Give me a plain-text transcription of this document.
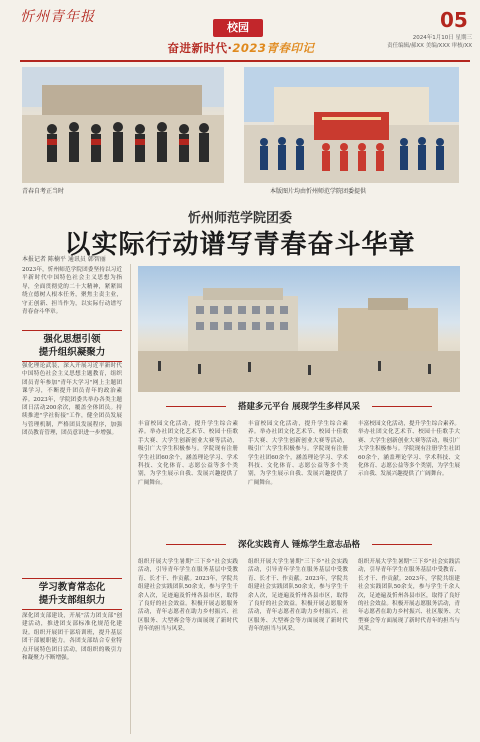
忻州青年报
校园
奋进新时代·2023青春印记
05
2024年1月10日 星期三
责任编辑/郝XX 美编/XXX 审核/XX
青春自考正当时	本版图片均由忻州师范学院团委提供
忻州师范学院团委
以实际行动谱写青春奋斗华章
本报记者 陈楠平 通讯员 韩智丽
2023年，忻州师范学院团委坚持以习近平新时代中国特色社会主义思想为指导，全面贯彻党的二十大精神，紧紧围绕立德树人根本任务，聚焦主责主业，守正创新、担当作为，以实际行动谱写青春奋斗华章。
强化思想引领
提升组织凝聚力
强化理论武装，深入开展习近平新时代中国特色社会主义思想主题教育，组织团员青年参加"青年大学习"网上主题团课学习，不断提升团员青年的政治素养。2023年，学院团委共举办各类主题团日活动200余次，覆盖全体团员。持续推进"学社衔接"工作，健全团员发展与管理机制，严格团员发展程序，加强团员教育管理，团员意识进一步增强。
学习教育常态化
提升支部组织力
深化团支部建设，开展"活力团支部"创建活动，推进团支部标准化规范化建设。组织开展团干部培训班，提升基层团干部履职能力。各团支部结合专业特点开展特色团日活动，团组织的吸引力和凝聚力不断增强。
搭建多元平台 展现学生多样风采
丰富校园文化活动，提升学生综合素养。举办社团文化艺术节、校园十佳歌手大赛、大学生创新创业大赛等活动，吸引广大学生积极参与。学院现有注册学生社团60余个，涵盖理论学习、学术科技、文化体育、志愿公益等多个类别，为学生展示自我、发展兴趣提供了广阔舞台。
丰富校园文化活动，提升学生综合素养。举办社团文化艺术节、校园十佳歌手大赛、大学生创新创业大赛等活动，吸引广大学生积极参与。学院现有注册学生社团60余个，涵盖理论学习、学术科技、文化体育、志愿公益等多个类别，为学生展示自我、发展兴趣提供了广阔舞台。
丰富校园文化活动，提升学生综合素养。举办社团文化艺术节、校园十佳歌手大赛、大学生创新创业大赛等活动，吸引广大学生积极参与。学院现有注册学生社团60余个，涵盖理论学习、学术科技、文化体育、志愿公益等多个类别，为学生展示自我、发展兴趣提供了广阔舞台。
深化实践育人 锤炼学生意志品格
组织开展大学生暑期"三下乡"社会实践活动，引导青年学生在服务基层中受教育、长才干、作贡献。2023年，学院共组建社会实践团队50余支，参与学生千余人次，足迹遍及忻州各县市区，取得了良好的社会效益。积极开展志愿服务活动，青年志愿者在助力乡村振兴、社区服务、大型赛会等方面展现了新时代青年的担当与风采。
组织开展大学生暑期"三下乡"社会实践活动，引导青年学生在服务基层中受教育、长才干、作贡献。2023年，学院共组建社会实践团队50余支，参与学生千余人次，足迹遍及忻州各县市区，取得了良好的社会效益。积极开展志愿服务活动，青年志愿者在助力乡村振兴、社区服务、大型赛会等方面展现了新时代青年的担当与风采。
组织开展大学生暑期"三下乡"社会实践活动，引导青年学生在服务基层中受教育、长才干、作贡献。2023年，学院共组建社会实践团队50余支，参与学生千余人次，足迹遍及忻州各县市区，取得了良好的社会效益。积极开展志愿服务活动，青年志愿者在助力乡村振兴、社区服务、大型赛会等方面展现了新时代青年的担当与风采。
